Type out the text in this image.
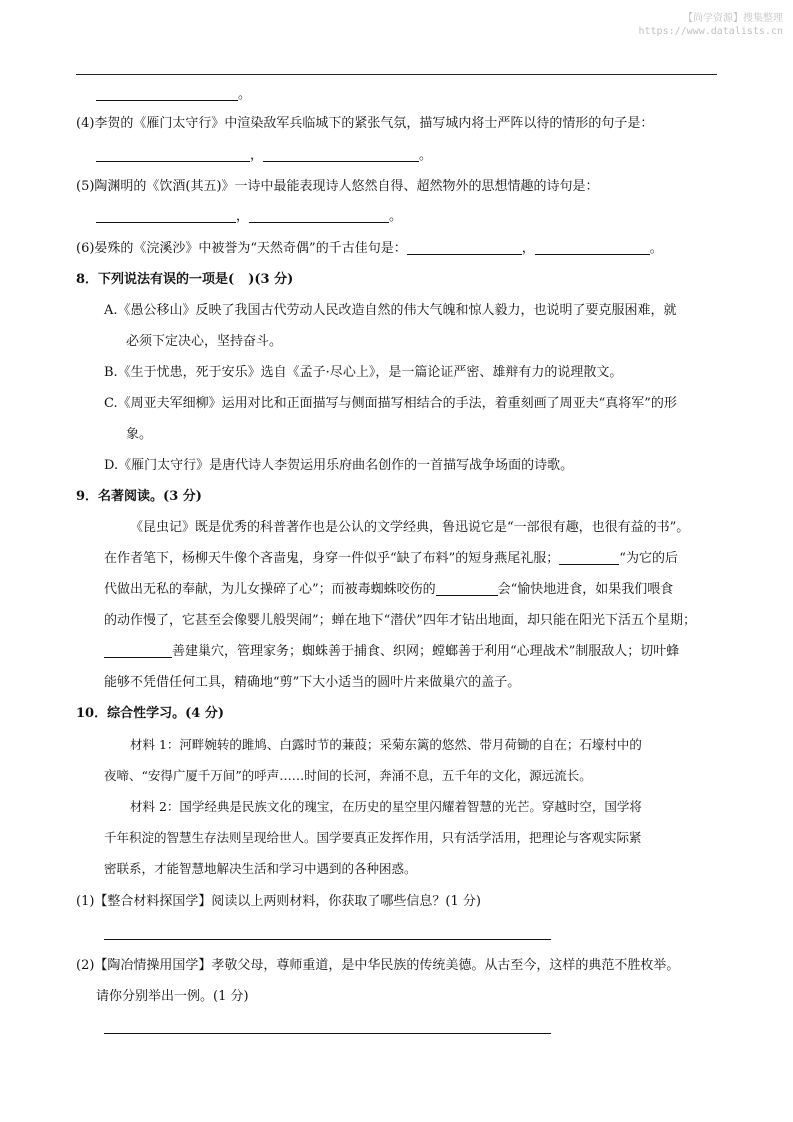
【尚学资源】搜集整理
https://www.datalists.cn
。
(4)李贺的《雁门太守行》中渲染敌军兵临城下的紧张气氛，描写城内将士严阵以待的情形的句子是：
，	。
(5)陶渊明的《饮酒(其五)》一诗中最能表现诗人悠然自得、超然物外的思想情趣的诗句是：
，	。
(6)晏殊的《浣溪沙》中被誉为“天然奇偶”的千古佳句是：	，	。
8．下列说法有误的一项是( )(3 分)
A.《愚公移山》反映了我国古代劳动人民改造自然的伟大气魄和惊人毅力，也说明了要克服困难，就
必须下定决心，坚持奋斗。
B.《生于忧患，死于安乐》选自《孟子·尽心上》，是一篇论证严密、雄辩有力的说理散文。
C.《周亚夫军细柳》运用对比和正面描写与侧面描写相结合的手法，着重刻画了周亚夫“真将军”的形
象。
D.《雁门太守行》是唐代诗人李贺运用乐府曲名创作的一首描写战争场面的诗歌。
9．名著阅读。(3 分)
《昆虫记》既是优秀的科普著作也是公认的文学经典，鲁迅说它是“一部很有趣，也很有益的书”。
在作者笔下，杨柳天牛像个吝啬鬼，身穿一件似乎“缺了布料”的短身燕尾礼服；	“为它的后
代做出无私的奉献，为儿女操碎了心”；而被毒蜘蛛咬伤的	会“愉快地进食，如果我们喂食
的动作慢了，它甚至会像婴儿般哭闹”；蝉在地下“潜伏”四年才钻出地面，却只能在阳光下活五个星期；
善建巢穴，管理家务；蜘蛛善于捕食、织网；螳螂善于利用“心理战术”制服敌人；切叶蜂
能够不凭借任何工具，精确地“剪”下大小适当的圆叶片来做巢穴的盖子。
10．综合性学习。(4 分)
材料 1：河畔婉转的雎鸠、白露时节的蒹葭；采菊东篱的悠然、带月荷锄的自在；石壕村中的
夜啼、“安得广厦千万间”的呼声……时间的长河，奔涌不息，五千年的文化，源远流长。
材料 2：国学经典是民族文化的瑰宝，在历史的星空里闪耀着智慧的光芒。穿越时空，国学将
千年积淀的智慧生存法则呈现给世人。国学要真正发挥作用，只有活学活用，把理论与客观实际紧
密联系，才能智慧地解决生活和学习中遇到的各种困惑。
(1)【整合材料探国学】阅读以上两则材料，你获取了哪些信息？(1 分)
(2)【陶冶情操用国学】孝敬父母，尊师重道，是中华民族的传统美德。从古至今，这样的典范不胜枚举。
请你分别举出一例。(1 分)
